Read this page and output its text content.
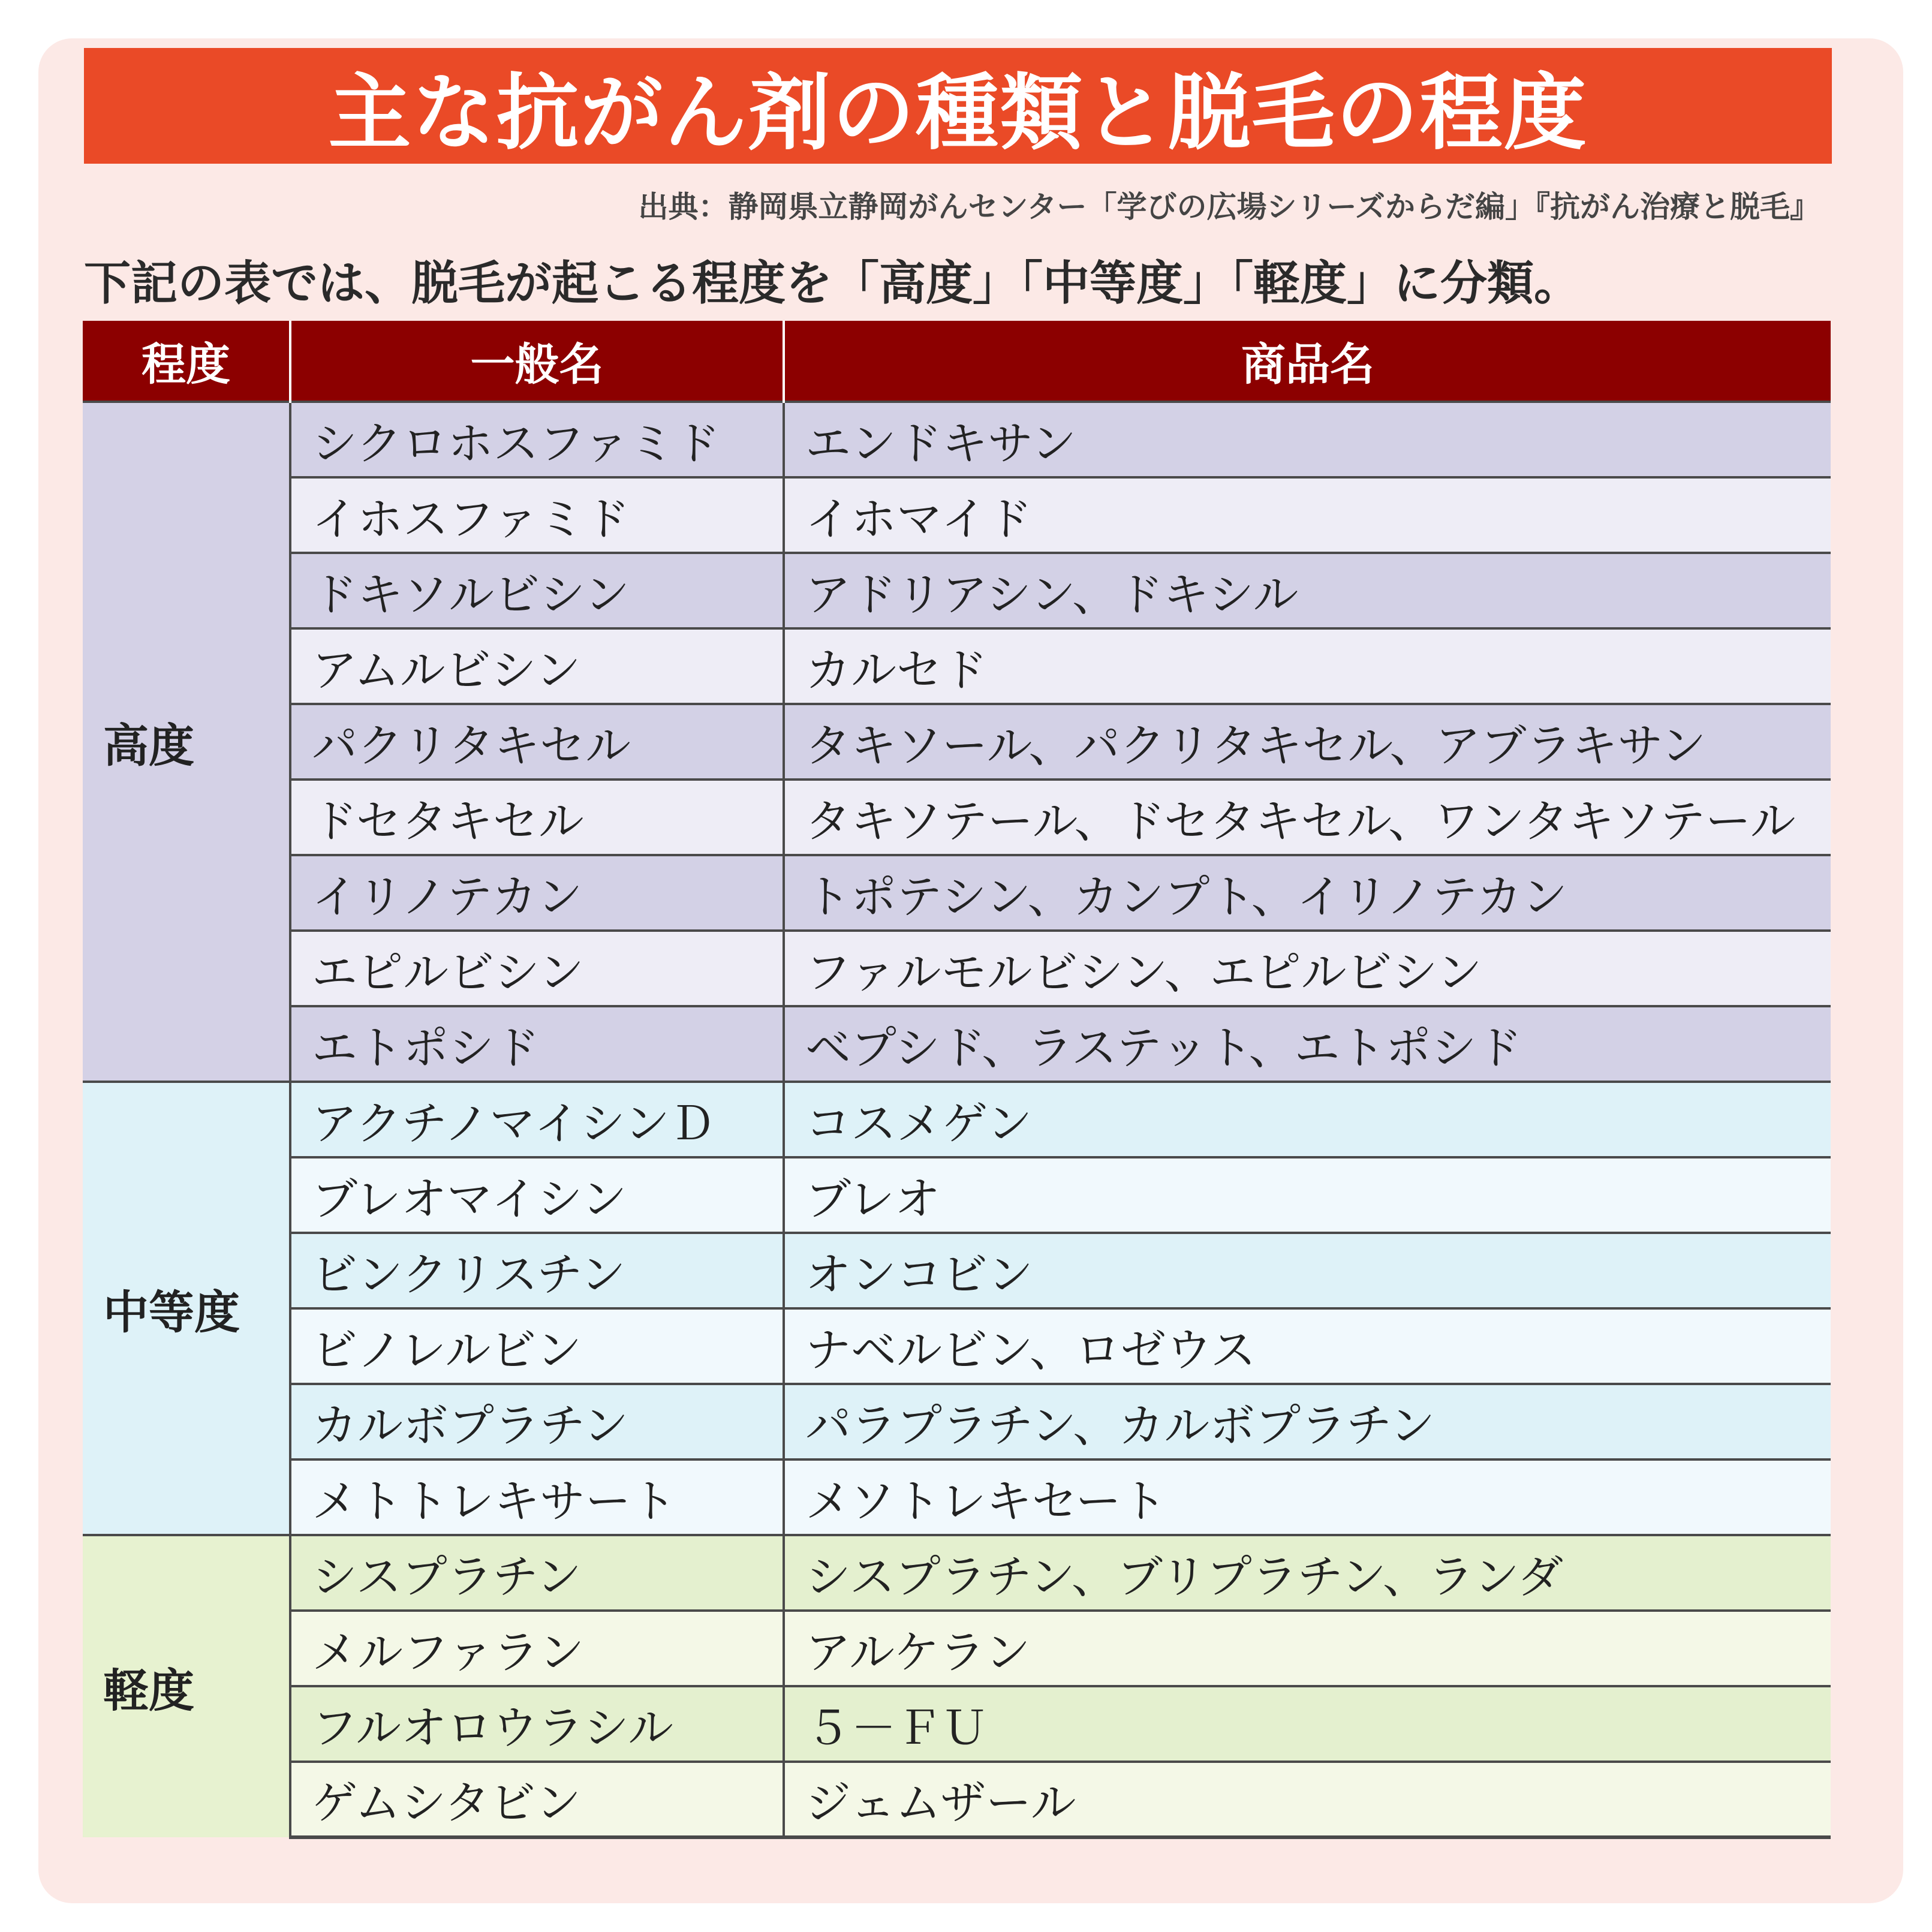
主な抗がん剤の種類と脱毛の程度
出典：静岡県立静岡がんセンター「学びの広場シリーズからだ編」『抗がん治療と脱毛』
下記の表では、脱毛が起こる程度を「高度」「中等度」「軽度」に分類。
程度	一般名	商品名
高度	シクロホスファミド	エンドキサン
	イホスファミド	イホマイド
	ドキソルビシン	アドリアシン、ドキシル
	アムルビシン	カルセド
	パクリタキセル	タキソール、パクリタキセル、アブラキサン
	ドセタキセル	タキソテール、ドセタキセル、ワンタキソテール
	イリノテカン	トポテシン、カンプト、イリノテカン
	エピルビシン	ファルモルビシン、エピルビシン
	エトポシド	ベプシド、ラステット、エトポシド
中等度	アクチノマイシンＤ	コスメゲン
	ブレオマイシン	ブレオ
	ビンクリスチン	オンコビン
	ビノレルビン	ナベルビン、ロゼウス
	カルボプラチン	パラプラチン、カルボプラチン
	メトトレキサート	メソトレキセート
軽度	シスプラチン	シスプラチン、ブリプラチン、ランダ
	メルファラン	アルケラン
	フルオロウラシル	５－ＦＵ
	ゲムシタビン	ジェムザール
